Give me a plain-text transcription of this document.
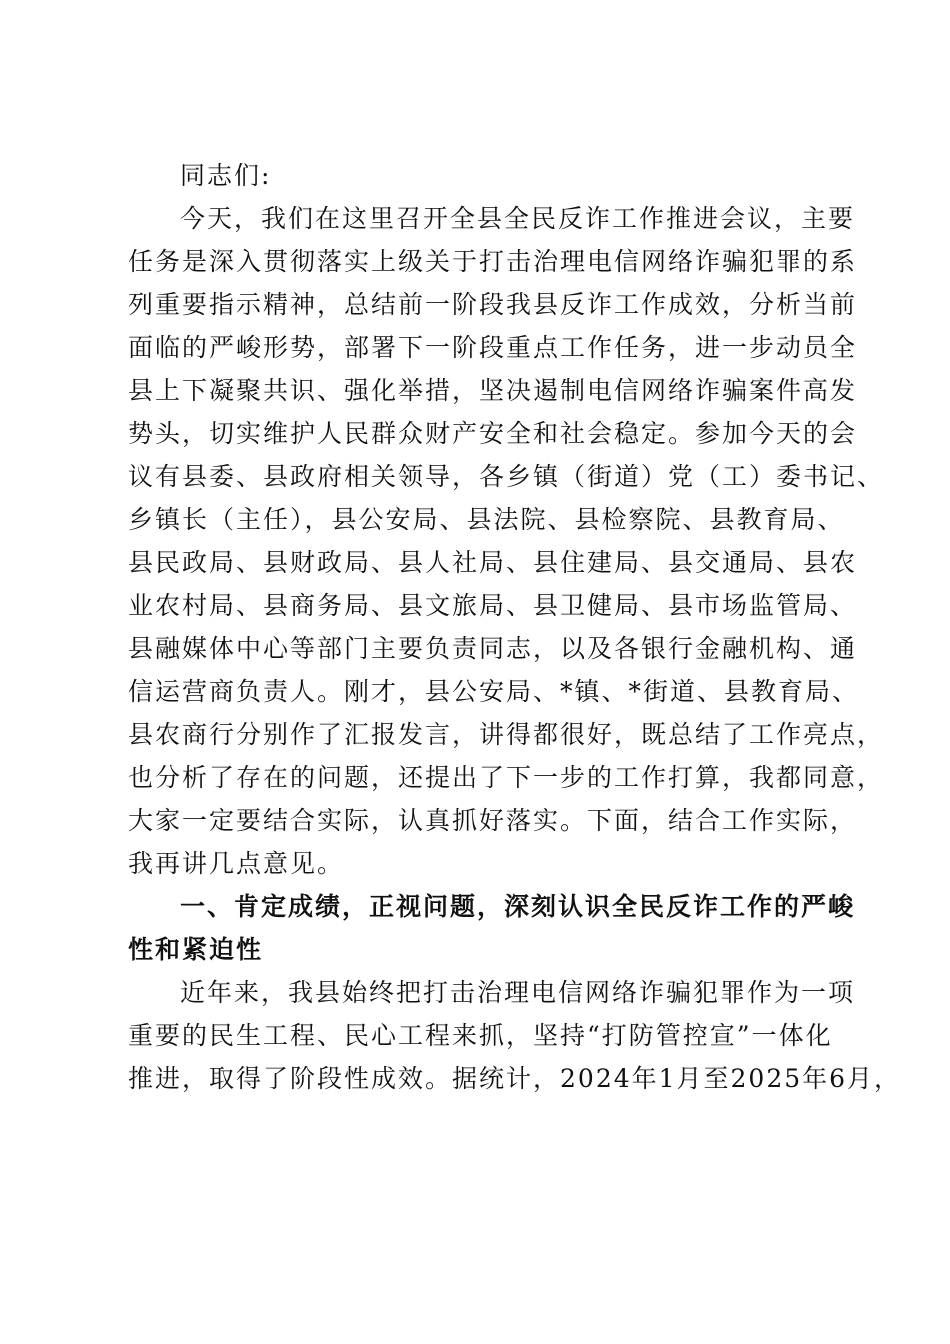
同志们:
今天，我们在这里召开全县全民反诈工作推进会议，主要
任务是深入贯彻落实上级关于打击治理电信网络诈骗犯罪的系
列重要指示精神，总结前一阶段我县反诈工作成效，分析当前
面临的严峻形势，部署下一阶段重点工作任务，进一步动员全
县上下凝聚共识、强化举措，坚决遏制电信网络诈骗案件高发
势头，切实维护人民群众财产安全和社会稳定。参加今天的会
议有县委、县政府相关领导，各乡镇（街道）党（工）委书记、
乡镇长（主任），县公安局、县法院、县检察院、县教育局、
县民政局、县财政局、县人社局、县住建局、县交通局、县农
业农村局、县商务局、县文旅局、县卫健局、县市场监管局、
县融媒体中心等部门主要负责同志，以及各银行金融机构、通
信运营商负责人。刚才，县公安局、*镇、*街道、县教育局、
县农商行分别作了汇报发言，讲得都很好，既总结了工作亮点，
也分析了存在的问题，还提出了下一步的工作打算，我都同意，
大家一定要结合实际，认真抓好落实。下面，结合工作实际，
我再讲几点意见。
一、肯定成绩，正视问题，深刻认识全民反诈工作的严峻
性和紧迫性
近年来，我县始终把打击治理电信网络诈骗犯罪作为一项
重要的民生工程、民心工程来抓，坚持“打防管控宣”一体化
推进，取得了阶段性成效。据统计，2024年1月至2025年6月，
